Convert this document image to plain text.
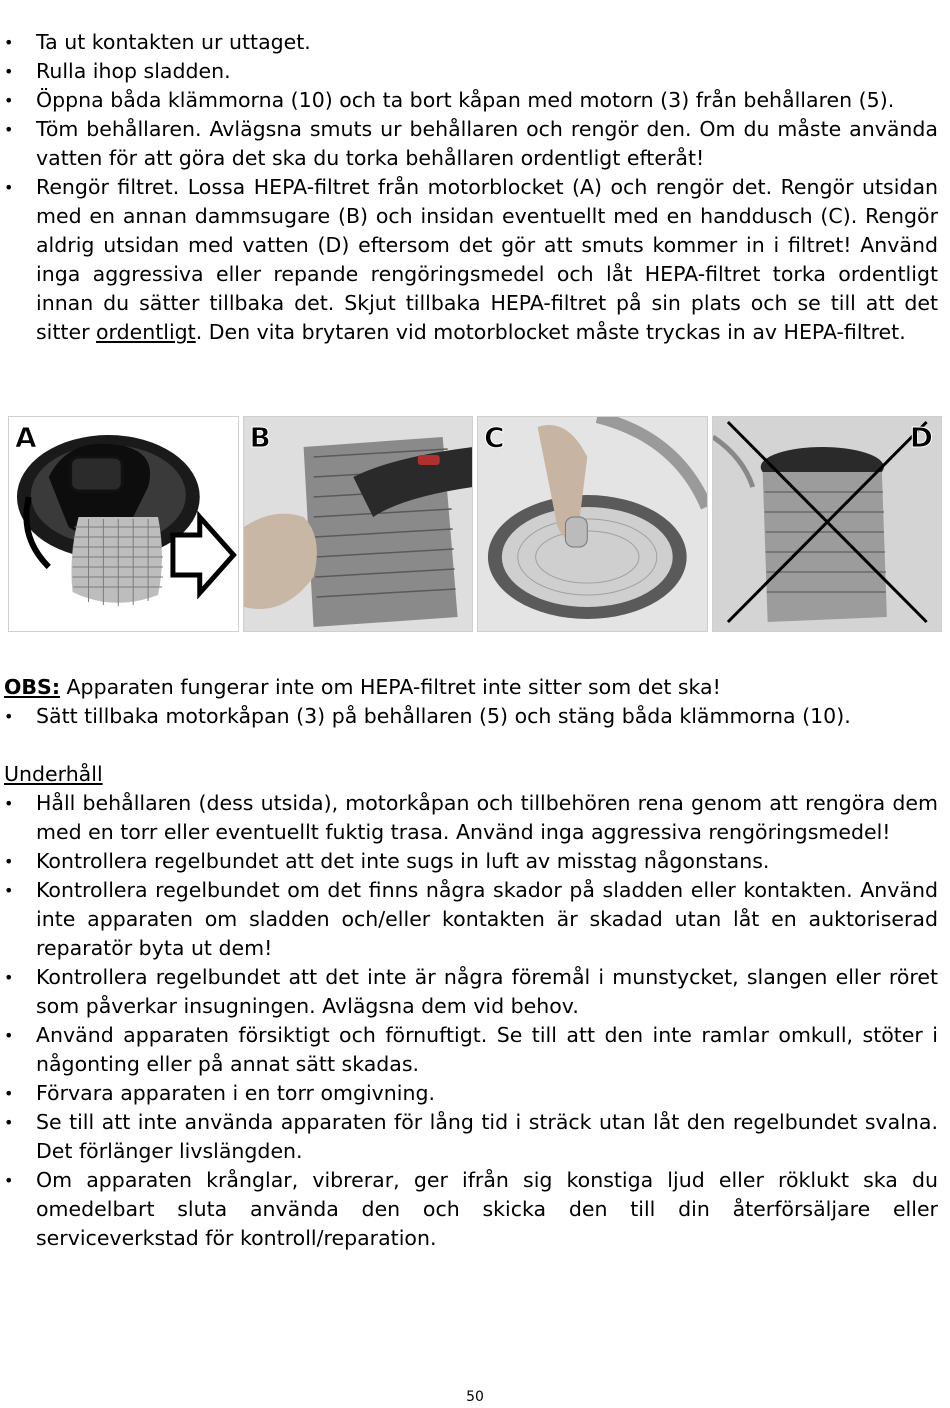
• Ta ut kontakten ur uttaget.
• Rulla ihop sladden.
• Öppna båda klämmorna (10) och ta bort kåpan med motorn (3) från behållaren (5).
• Töm behållaren. Avlägsna smuts ur behållaren och rengör den. Om du måste använda vatten för att göra det ska du torka behållaren ordentligt efteråt!
• Rengör filtret. Lossa HEPA-filtret från motorblocket (A) och rengör det. Rengör utsidan med en annan dammsugare (B) och insidan eventuellt med en handdusch (C). Rengör aldrig utsidan med vatten (D) eftersom det gör att smuts kommer in i filtret! Använd inga aggressiva eller repande rengöringsmedel och låt HEPA-filtret torka ordentligt innan du sätter tillbaka det. Skjut tillbaka HEPA-filtret på sin plats och se till att det sitter ordentligt. Den vita brytaren vid motorblocket måste tryckas in av HEPA-filtret.
A	B	C	D
OBS: Apparaten fungerar inte om HEPA-filtret inte sitter som det ska!
• Sätt tillbaka motorkåpan (3) på behållaren (5) och stäng båda klämmorna (10).
Underhåll
• Håll behållaren (dess utsida), motorkåpan och tillbehören rena genom att rengöra dem med en torr eller eventuellt fuktig trasa. Använd inga aggressiva rengöringsmedel!
• Kontrollera regelbundet att det inte sugs in luft av misstag någonstans.
• Kontrollera regelbundet om det finns några skador på sladden eller kontakten. Använd inte apparaten om sladden och/eller kontakten är skadad utan låt en auktoriserad reparatör byta ut dem!
• Kontrollera regelbundet att det inte är några föremål i munstycket, slangen eller röret som påverkar insugningen. Avlägsna dem vid behov.
• Använd apparaten försiktigt och förnuftigt. Se till att den inte ramlar omkull, stöter i någonting eller på annat sätt skadas.
• Förvara apparaten i en torr omgivning.
• Se till att inte använda apparaten för lång tid i sträck utan låt den regelbundet svalna. Det förlänger livslängden.
• Om apparaten krånglar, vibrerar, ger ifrån sig konstiga ljud eller röklukt ska du omedelbart sluta använda den och skicka den till din återförsäljare eller serviceverkstad för kontroll/reparation.
50
